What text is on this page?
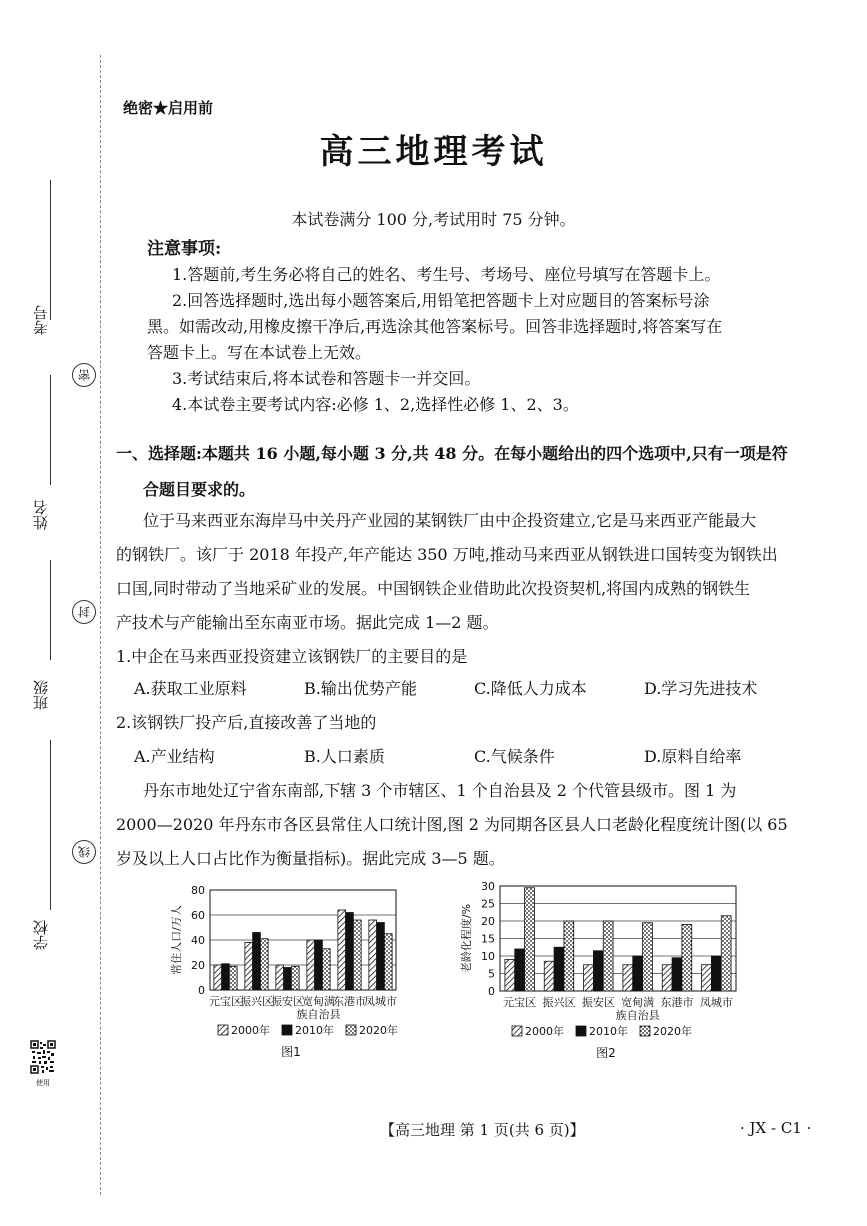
考号
姓名
班级
学校
密
封
线
使用
绝密★启用前
高三地理考试
本试卷满分 100 分,考试用时 75 分钟。
注意事项:
1.答题前,考生务必将自己的姓名、考生号、考场号、座位号填写在答题卡上。
2.回答选择题时,选出每小题答案后,用铅笔把答题卡上对应题目的答案标号涂
黑。如需改动,用橡皮擦干净后,再选涂其他答案标号。回答非选择题时,将答案写在
答题卡上。写在本试卷上无效。
3.考试结束后,将本试卷和答题卡一并交回。
4.本试卷主要考试内容:必修 1、2,选择性必修 1、2、3。
一、选择题:本题共 16 小题,每小题 3 分,共 48 分。在每小题给出的四个选项中,只有一项是符
合题目要求的。
位于马来西亚东海岸马中关丹产业园的某钢铁厂由中企投资建立,它是马来西亚产能最大
的钢铁厂。该厂于 2018 年投产,年产能达 350 万吨,推动马来西亚从钢铁进口国转变为钢铁出
口国,同时带动了当地采矿业的发展。中国钢铁企业借助此次投资契机,将国内成熟的钢铁生
产技术与产能输出至东南亚市场。据此完成 1—2 题。
1.中企在马来西亚投资建立该钢铁厂的主要目的是
A.获取工业原料	B.输出优势产能	C.降低人力成本	D.学习先进技术
2.该钢铁厂投产后,直接改善了当地的
A.产业结构	B.人口素质	C.气候条件	D.原料自给率
丹东市地处辽宁省东南部,下辖 3 个市辖区、1 个自治县及 2 个代管县级市。图 1 为
2000—2020 年丹东市各区县常住人口统计图,图 2 为同期各区县人口老龄化程度统计图(以 65
岁及以上人口占比作为衡量指标)。据此完成 3—5 题。
0
20
40
60
80
常住人口/万人
元宝区
振兴区
振安区
宽甸满
族自治县
东港市
凤城市
2000年 2010年 2020年
图1
0
5
10
15
20
25
30
老龄化程度/%
元宝区 振兴区 振安区 宽甸满
族自治县
东港市 凤城市
2000年 2010年 2020年
图2
【高三地理 第 1 页(共 6 页)】	· JX - C1 ·
